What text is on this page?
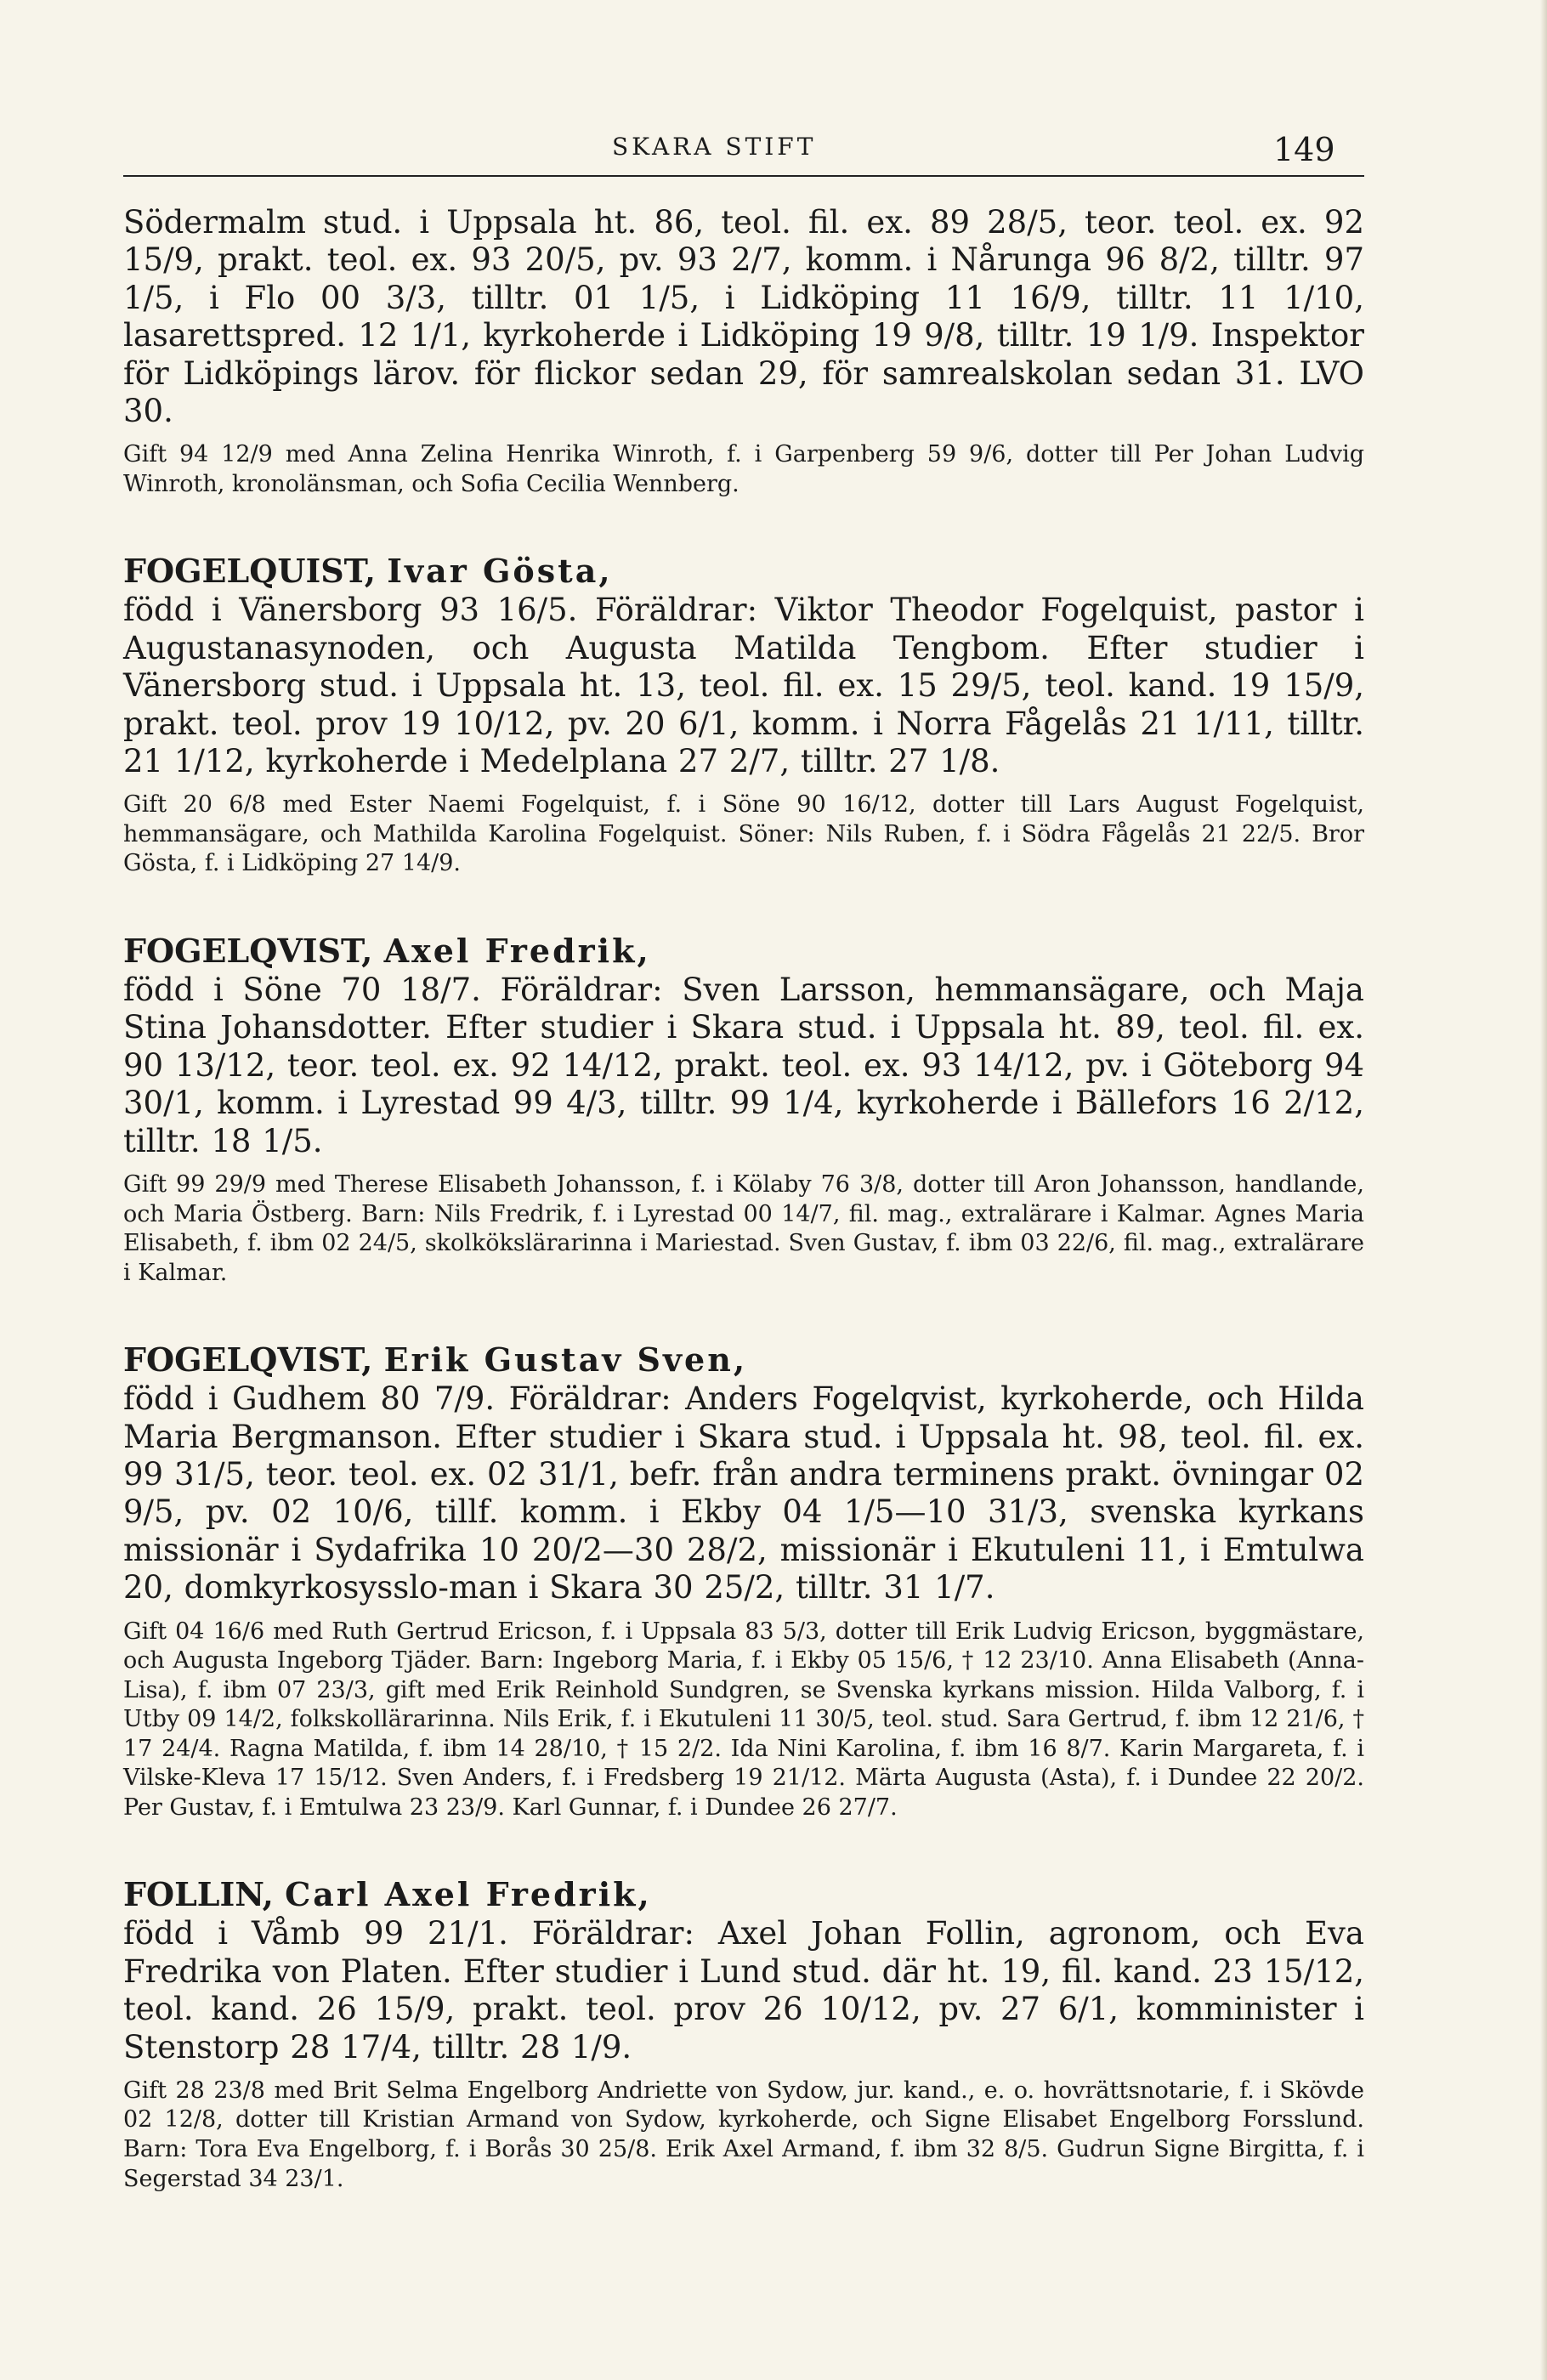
SKARA STIFT	149

Södermalm stud. i Uppsala ht. 86, teol. fil. ex. 89 28/5, teor. teol. ex. 92 15/9, prakt. teol. ex. 93 20/5, pv. 93 2/7, komm. i Nårunga 96 8/2, tilltr. 97 1/5, i Flo 00 3/3, tilltr. 01 1/5, i Lidköping 11 16/9, tilltr. 11 1/10, lasarettspred. 12 1/1, kyrkoherde i Lidköping 19 9/8, tilltr. 19 1/9. Inspektor för Lidköpings lärov. för flickor sedan 29, för samrealskolan sedan 31. LVO 30.

Gift 94 12/9 med Anna Zelina Henrika Winroth, f. i Garpenberg 59 9/6, dotter till Per Johan Ludvig Winroth, kronolänsman, och Sofia Cecilia Wennberg.

FOGELQUIST, Ivar Gösta,

född i Vänersborg 93 16/5. Föräldrar: Viktor Theodor Fogelquist, pastor i Augustanasynoden, och Augusta Matilda Tengbom. Efter studier i Vänersborg stud. i Uppsala ht. 13, teol. fil. ex. 15 29/5, teol. kand. 19 15/9, prakt. teol. prov 19 10/12, pv. 20 6/1, komm. i Norra Fågelås 21 1/11, tilltr. 21 1/12, kyrkoherde i Medelplana 27 2/7, tilltr. 27 1/8.

Gift 20 6/8 med Ester Naemi Fogelquist, f. i Söne 90 16/12, dotter till Lars August Fogelquist, hemmansägare, och Mathilda Karolina Fogelquist. Söner: Nils Ruben, f. i Södra Fågelås 21 22/5. Bror Gösta, f. i Lidköping 27 14/9.

FOGELQVIST, Axel Fredrik,

född i Söne 70 18/7. Föräldrar: Sven Larsson, hemmansägare, och Maja Stina Johansdotter. Efter studier i Skara stud. i Uppsala ht. 89, teol. fil. ex. 90 13/12, teor. teol. ex. 92 14/12, prakt. teol. ex. 93 14/12, pv. i Göteborg 94 30/1, komm. i Lyrestad 99 4/3, tilltr. 99 1/4, kyrkoherde i Bällefors 16 2/12, tilltr. 18 1/5.

Gift 99 29/9 med Therese Elisabeth Johansson, f. i Kölaby 76 3/8, dotter till Aron Johansson, handlande, och Maria Östberg. Barn: Nils Fredrik, f. i Lyrestad 00 14/7, fil. mag., extralärare i Kalmar. Agnes Maria Elisabeth, f. ibm 02 24/5, skolkökslärarinna i Mariestad. Sven Gustav, f. ibm 03 22/6, fil. mag., extralärare i Kalmar.

FOGELQVIST, Erik Gustav Sven,

född i Gudhem 80 7/9. Föräldrar: Anders Fogelqvist, kyrkoherde, och Hilda Maria Bergmanson. Efter studier i Skara stud. i Uppsala ht. 98, teol. fil. ex. 99 31/5, teor. teol. ex. 02 31/1, befr. från andra terminens prakt. övningar 02 9/5, pv. 02 10/6, tillf. komm. i Ekby 04 1/5—10 31/3, svenska kyrkans missionär i Sydafrika 10 20/2—30 28/2, missionär i Ekutuleni 11, i Emtulwa 20, domkyrkosysslo-man i Skara 30 25/2, tilltr. 31 1/7.

Gift 04 16/6 med Ruth Gertrud Ericson, f. i Uppsala 83 5/3, dotter till Erik Ludvig Ericson, byggmästare, och Augusta Ingeborg Tjäder. Barn: Ingeborg Maria, f. i Ekby 05 15/6, † 12 23/10. Anna Elisabeth (Anna-Lisa), f. ibm 07 23/3, gift med Erik Reinhold Sundgren, se Svenska kyrkans mission. Hilda Valborg, f. i Utby 09 14/2, folkskollärarinna. Nils Erik, f. i Ekutuleni 11 30/5, teol. stud. Sara Gertrud, f. ibm 12 21/6, † 17 24/4. Ragna Matilda, f. ibm 14 28/10, † 15 2/2. Ida Nini Karolina, f. ibm 16 8/7. Karin Margareta, f. i Vilske-Kleva 17 15/12. Sven Anders, f. i Fredsberg 19 21/12. Märta Augusta (Asta), f. i Dundee 22 20/2. Per Gustav, f. i Emtulwa 23 23/9. Karl Gunnar, f. i Dundee 26 27/7.

FOLLIN, Carl Axel Fredrik,

född i Våmb 99 21/1. Föräldrar: Axel Johan Follin, agronom, och Eva Fredrika von Platen. Efter studier i Lund stud. där ht. 19, fil. kand. 23 15/12, teol. kand. 26 15/9, prakt. teol. prov 26 10/12, pv. 27 6/1, komminister i Stenstorp 28 17/4, tilltr. 28 1/9.

Gift 28 23/8 med Brit Selma Engelborg Andriette von Sydow, jur. kand., e. o. hovrättsnotarie, f. i Skövde 02 12/8, dotter till Kristian Armand von Sydow, kyrkoherde, och Signe Elisabet Engelborg Forsslund. Barn: Tora Eva Engelborg, f. i Borås 30 25/8. Erik Axel Armand, f. ibm 32 8/5. Gudrun Signe Birgitta, f. i Segerstad 34 23/1.
